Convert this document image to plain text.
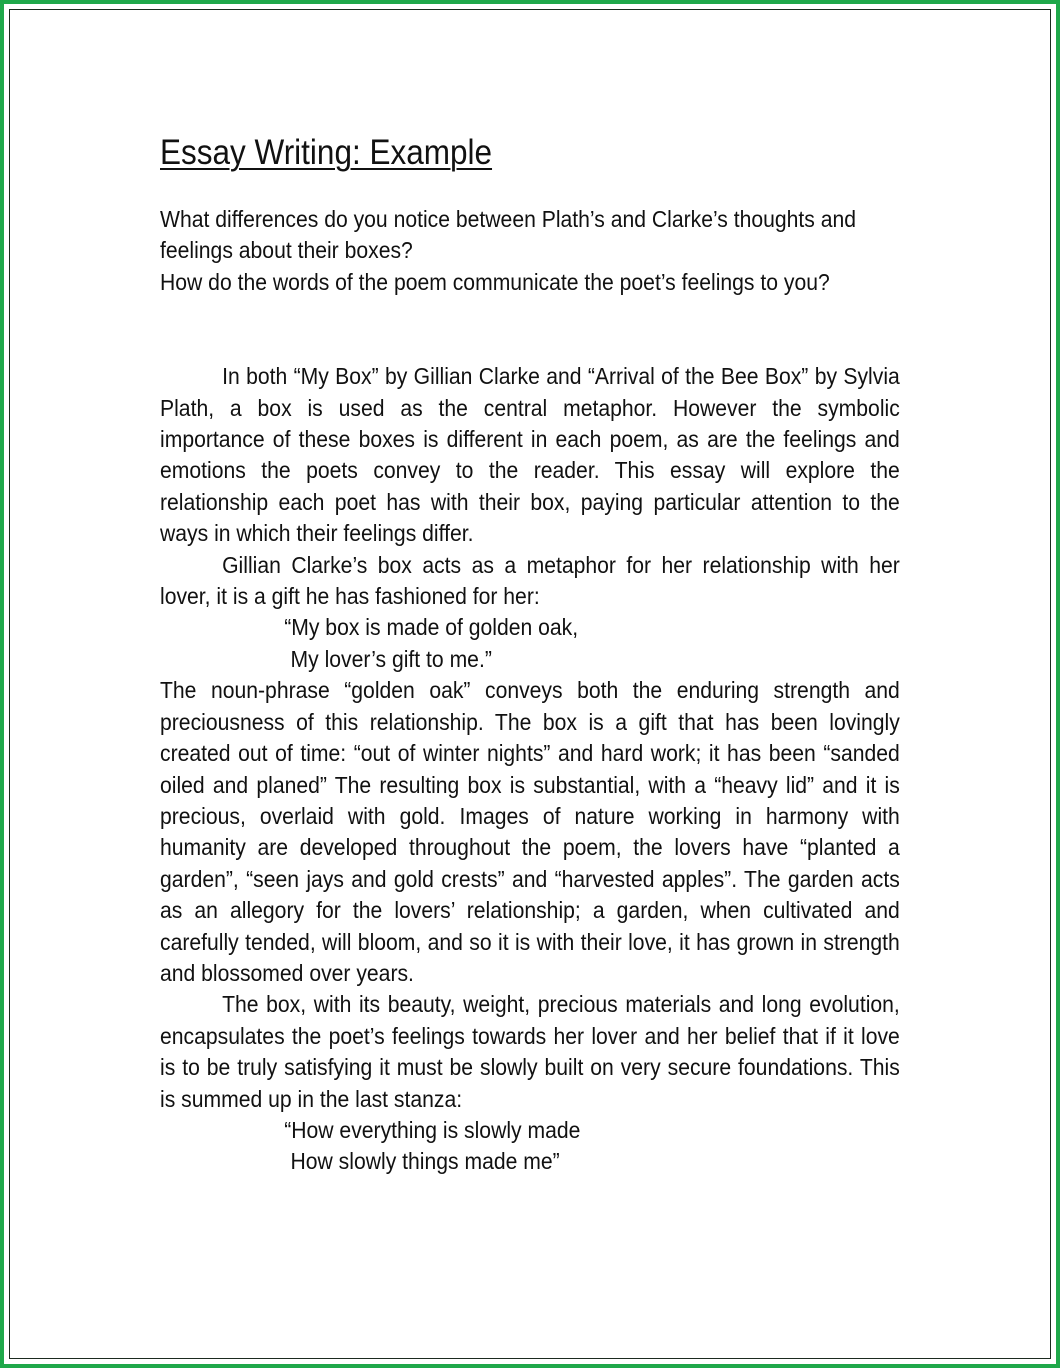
Essay Writing: Example

What differences do you notice between Plath’s and Clarke’s thoughts and feelings about their boxes?

How do the words of the poem communicate the poet’s feelings to you?

In both “My Box” by Gillian Clarke and “Arrival of the Bee Box” by Sylvia Plath, a box is used as the central metaphor. However the symbolic importance of these boxes is different in each poem, as are the feelings and emotions the poets convey to the reader. This essay will explore the relationship each poet has with their box, paying particular attention to the ways in which their feelings differ.

Gillian Clarke’s box acts as a metaphor for her relationship with her lover, it is a gift he has fashioned for her:

“My box is made of golden oak,

My lover’s gift to me.”

The noun-phrase “golden oak” conveys both the enduring strength and preciousness of this relationship. The box is a gift that has been lovingly created out of time: “out of winter nights” and hard work; it has been “sanded oiled and planed” The resulting box is substantial, with a “heavy lid” and it is precious, overlaid with gold. Images of nature working in harmony with humanity are developed throughout the poem, the lovers have “planted a garden”, “seen jays and gold crests” and “harvested apples”. The garden acts as an allegory for the lovers’ relationship; a garden, when cultivated and carefully tended, will bloom, and so it is with their love, it has grown in strength and blossomed over years.

The box, with its beauty, weight, precious materials and long evolution, encapsulates the poet’s feelings towards her lover and her belief that if it love is to be truly satisfying it must be slowly built on very secure foundations. This is summed up in the last stanza:

“How everything is slowly made

How slowly things made me”
